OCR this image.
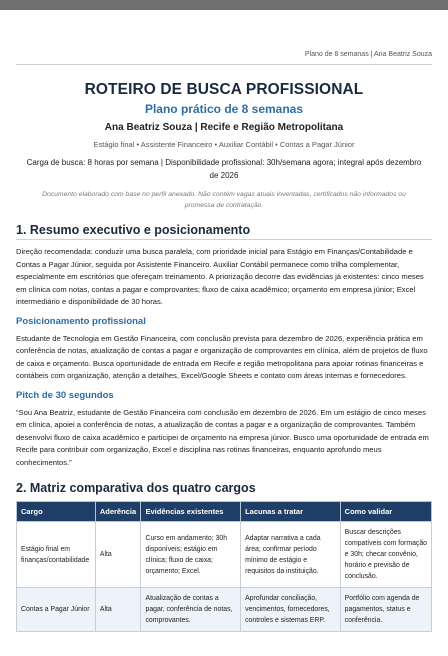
Plano de 8 semanas | Ana Beatriz Souza
ROTEIRO DE BUSCA PROFISSIONAL
Plano prático de 8 semanas
Ana Beatriz Souza | Recife e Região Metropolitana
Estágio final • Assistente Financeiro • Auxiliar Contábil • Contas a Pagar Júnior
Carga de busca: 8 horas por semana | Disponibilidade profissional: 30h/semana agora; integral após dezembro de 2026
Documento elaborado com base no perfil anexado. Não contém vagas atuais inventadas, certificados não informados ou promessa de contratação.
1. Resumo executivo e posicionamento

Direção recomendada: conduzir uma busca paralela, com prioridade inicial para Estágio em Finanças/Contabilidade e Contas a Pagar Júnior, seguida por Assistente Financeiro. Auxiliar Contábil permanece como trilha complementar, especialmente em escritórios que ofereçam treinamento. A priorização decorre das evidências já existentes: cinco meses em clínica com notas, contas a pagar e comprovantes; fluxo de caixa acadêmico; orçamento em empresa júnior; Excel intermediário e disponibilidade de 30 horas.

Posicionamento profissional

Estudante de Tecnologia em Gestão Financeira, com conclusão prevista para dezembro de 2026, experiência prática em conferência de notas, atualização de contas a pagar e organização de comprovantes em clínica, além de projetos de fluxo de caixa e orçamento. Busca oportunidade de entrada em Recife e região metropolitana para apoiar rotinas financeiras e contábeis com organização, atenção a detalhes, Excel/Google Sheets e contato com áreas internas e fornecedores.

Pitch de 30 segundos

“Sou Ana Beatriz, estudante de Gestão Financeira com conclusão em dezembro de 2026. Em um estágio de cinco meses em clínica, apoiei a conferência de notas, a atualização de contas a pagar e a organização de comprovantes. Também desenvolvi fluxo de caixa acadêmico e participei de orçamento na empresa júnior. Busco uma oportunidade de entrada em Recife para contribuir com organização, Excel e disciplina nas rotinas financeiras, enquanto aprofundo meus conhecimentos.”

2. Matriz comparativa dos quatro cargos
Cargo	Aderência	Evidências existentes	Lacunas a tratar	Como validar
Estágio final em finanças/contabilidade	Alta	Curso em andamento; 30h disponíveis; estágio em clínica; fluxo de caixa; orçamento; Excel.	Adaptar narrativa a cada área; confirmar período mínimo de estágio e requisitos da instituição.	Buscar descrições compatíveis com formação e 30h; checar convênio, horário e previsão de conclusão.
Contas a Pagar Júnior	Alta	Atualização de contas a pagar, conferência de notas, comprovantes.	Aprofundar conciliação, vencimentos, fornecedores, controles e sistemas ERP.	Portfólio com agenda de pagamentos, status e conferência.
